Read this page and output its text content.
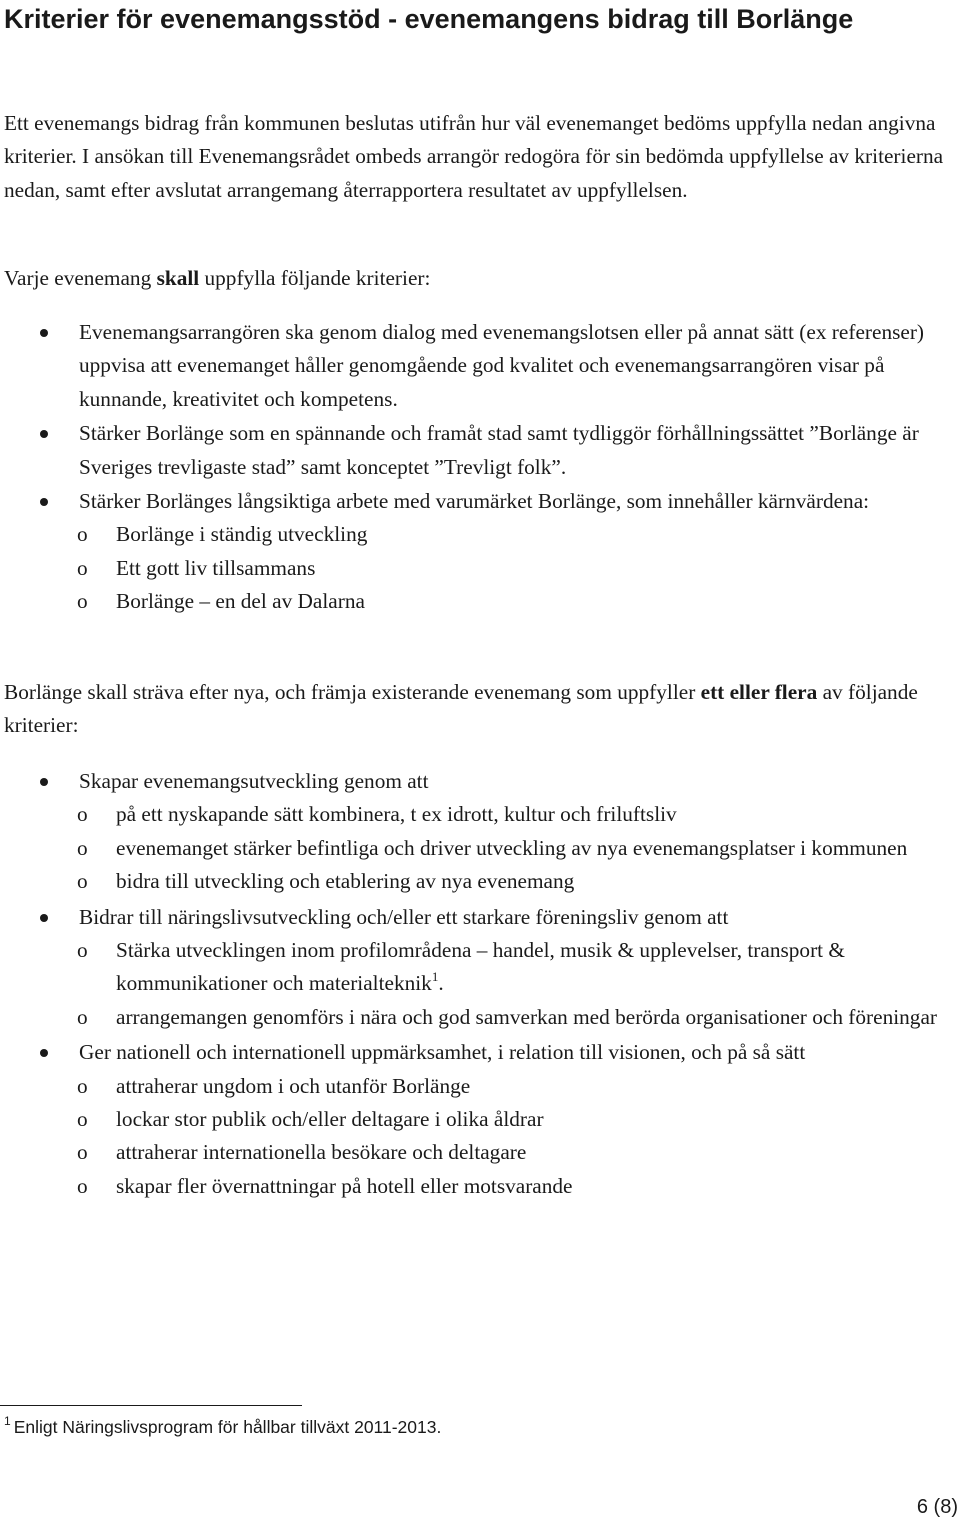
Kriterier för evenemangsstöd - evenemangens bidrag till Borlänge

Ett evenemangs bidrag från kommunen beslutas utifrån hur väl evenemanget bedöms uppfylla nedan angivna kriterier. I ansökan till Evenemangsrådet ombeds arrangör redogöra för sin bedömda uppfyllelse av kriterierna nedan, samt efter avslutat arrangemang återrapportera resultatet av uppfyllelsen.

Varje evenemang skall uppfylla följande kriterier:

Evenemangsarrangören ska genom dialog med evenemangslotsen eller på annat sätt (ex referenser) uppvisa att evenemanget håller genomgående god kvalitet och evenemangsarrangören visar på kunnande, kreativitet och kompetens.
Stärker Borlänge som en spännande och framåt stad samt tydliggör förhållningssättet ”Borlänge är Sveriges trevligaste stad” samt konceptet ”Trevligt folk”.
Stärker Borlänges långsiktiga arbete med varumärket Borlänge, som innehåller kärnvärdena:
o Borlänge i ständig utveckling
o Ett gott liv tillsammans
o Borlänge – en del av Dalarna

Borlänge skall sträva efter nya, och främja existerande evenemang som uppfyller ett eller flera av följande kriterier:

Skapar evenemangsutveckling genom att
o på ett nyskapande sätt kombinera, t ex idrott, kultur och friluftsliv
o evenemanget stärker befintliga och driver utveckling av nya evenemangsplatser i kommunen
o bidra till utveckling och etablering av nya evenemang
Bidrar till näringslivsutveckling och/eller ett starkare föreningsliv genom att
o Stärka utvecklingen inom profilområdena – handel, musik & upplevelser, transport & kommunikationer och materialteknik$^1$.
o arrangemangen genomförs i nära och god samverkan med berörda organisationer och föreningar
Ger nationell och internationell uppmärksamhet, i relation till visionen, och på så sätt
o attraherar ungdom i och utanför Borlänge
o lockar stor publik och/eller deltagare i olika åldrar
o attraherar internationella besökare och deltagare
o skapar fler övernattningar på hotell eller motsvarande

$^1$ Enligt Näringslivsprogram för hållbar tillväxt 2011-2013.

6 (8)
